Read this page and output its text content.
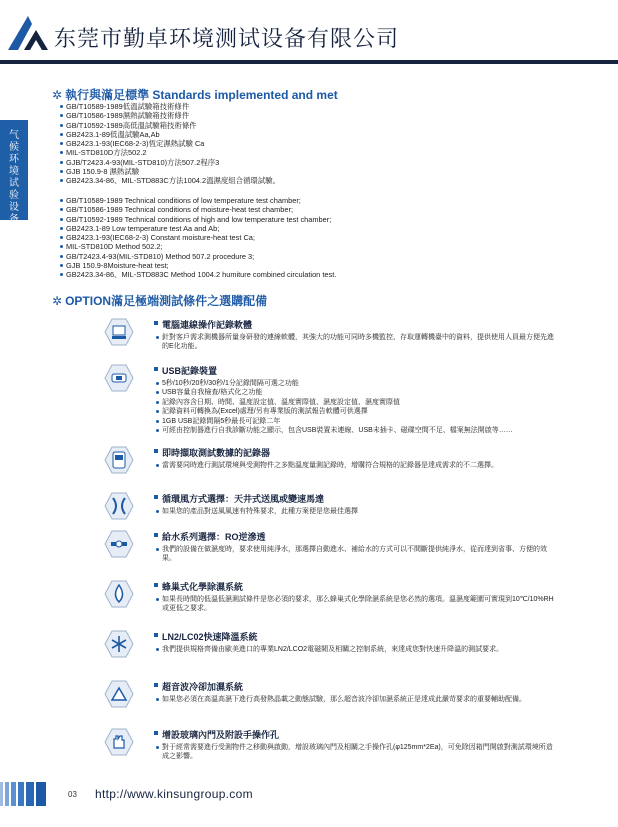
东莞市勤卓环境测试设备有限公司
气
候
环
境
试
验
设
备
✲ 執行與滿足標準 Standards implemented and met
GB/T10589-1989低溫試驗箱技術條件
GB/T10586-1989濕熱試驗箱技術條件
GB/T10592-1989高低溫試驗箱技術條件
GB2423.1-89低溫試驗Aa,Ab
GB2423.1-93(IEC68-2-3)恆定濕熱試驗 Ca
MIL-STD810D方法502.2
GJB/T2423.4-93(MIL-STD810)方法507.2程序3
GJB 150.9-8 濕熱試驗
GB2423.34-86、MIL-STD883C方法1004.2溫濕度組合循環試驗。
GB/T10589-1989 Technical conditions of low temperature test chamber;
GB/T10586-1989 Technical conditions of moisture-heat test chamber;
GB/T10592-1989 Technical conditions of high and low temperature test chamber;
GB2423.1-89 Low temperature test Aa and Ab;
GB2423.1-93(IEC68-2-3) Constant moisture-heat test Ca;
MIL-STD810D Method 502.2;
GB/T2423.4-93(MIL-STD810) Method 507.2 procedure 3;
GJB 150.9-8Moisture-heat test;
GB2423.34-86、MIL-STD883C Method 1004.2 humiture combined circulation test.
✲ OPTION滿足極端測試條件之選購配備
電腦連線操作記錄軟體
針對客戶需求測機器所量身研發的連線軟體，其強大的功能可同時多機監控、存取運轉機臺中的資料，提供使用人員最方便先進的E化功能。
USB記錄裝置
5秒/10秒/20秒/30秒/1分記錄間隔可選之功能
USB容量自我檢查/格式化之功能
記錄內容含日期、時間、溫度設定值、溫度實際值、濕度設定值、濕度實際值
記錄資料可轉換為(Excel)處理/另有專業版的測試報告軟體可供選擇
1GB USB記錄間隔5秒最長可記錄二年
可經由控制器進行自我診斷功能之顯示，包含USB裝置未連線、USB未插卡、磁碟空間不足、檔案無法開啟等……
即時擷取測試數據的記錄器
當需要同時進行測試環境與受測物件之多點溫度量測記錄時，增購符合規格的記錄器是達成需求的不二選擇。
循環風方式選擇：天井式送風或變速馬達
如果您的產品對送風風速有特殊要求，此種方案便是您最佳選擇
給水系列選擇：RO逆滲透
我們的設備在做濕度時，要求使用純淨水，那選擇自動進水、補給水的方式可以不間斷提供純淨水，從而達到省事、方便的效果。
蜂巢式化學除濕系統
如果長時間的低溫低濕測試條件是您必須的要求，那么蜂巢式化學除濕系統是您必然的選項。溫濕度範圍可實現到10℃/10%RH或更低之要求。
LN2/LC02快速降溫系統
我們提供規格齊備由歐美進口的專業LN2/LCO2電磁閥及相關之控制系統，來達成您對快速升降溫的測試要求。
超音波冷卻加濕系統
如果您必須在高溫高濕下進行高發熱晶載之動態試驗，那么超音波冷卻加濕系統正是達成此嚴苛要求的重要輔助配備。
增設玻璃內門及附設手操作孔
對于經常需要進行受測物件之移動與啟動，增設玻璃內門及相關之手操作孔(φ125mm*2Ea)，可免除因箱門開啟對測試環境所造成之影響。
03 http://www.kinsungroup.com
